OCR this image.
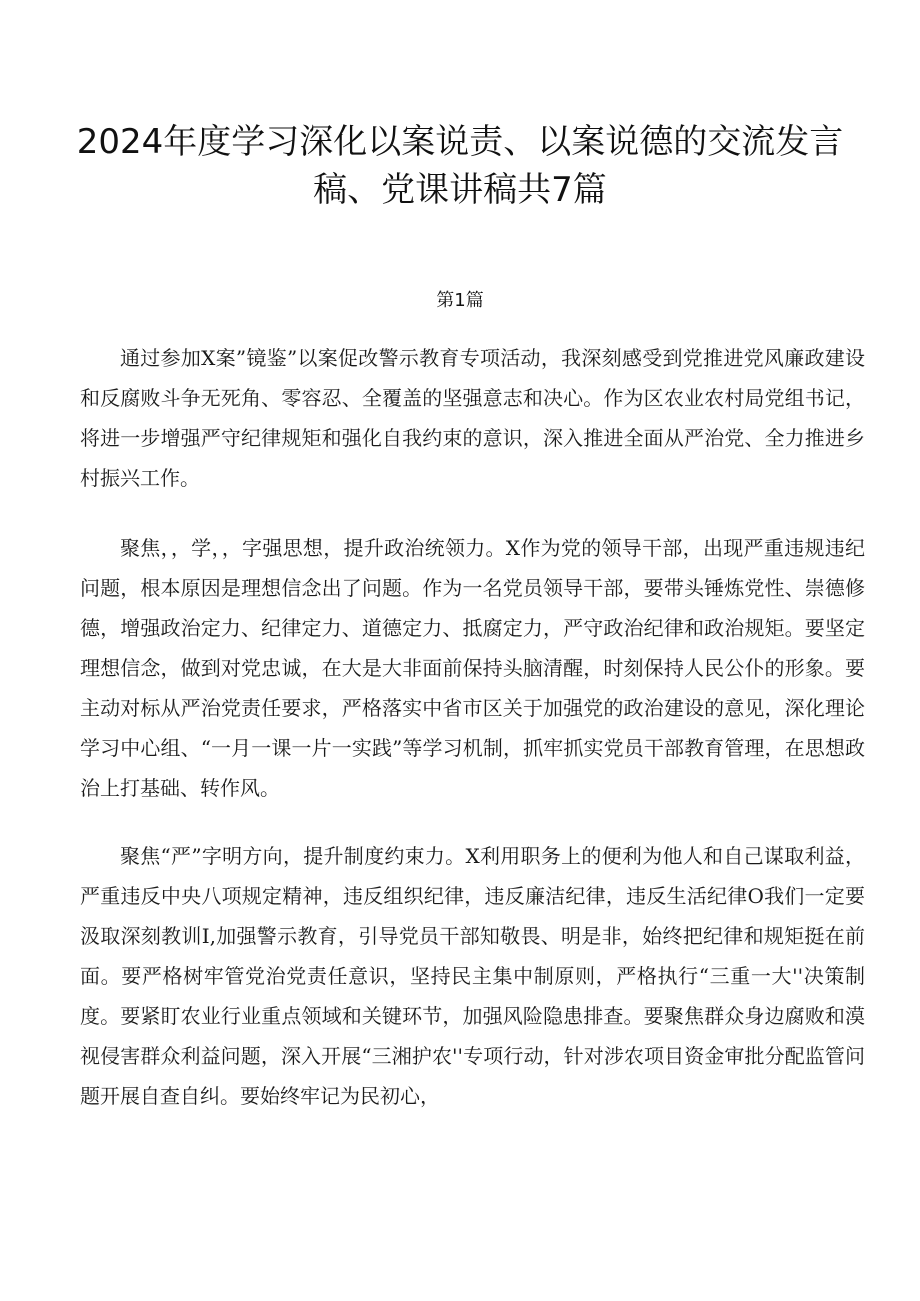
2024年度学习深化以案说责、以案说德的交流发言稿、党课讲稿共7篇
第1篇

通过参加X案”镜鉴”以案促改警示教育专项活动，我深刻感受到党推进党风廉政建设和反腐败斗争无死角、零容忍、全覆盖的坚强意志和决心。作为区农业农村局党组书记，将进一步增强严守纪律规矩和强化自我约束的意识，深入推进全面从严治党、全力推进乡村振兴工作。

聚焦，，学，，字强思想，提升政治统领力。X作为党的领导干部，出现严重违规违纪问题，根本原因是理想信念出了问题。作为一名党员领导干部，要带头锤炼党性、崇德修德，增强政治定力、纪律定力、道德定力、抵腐定力，严守政治纪律和政治规矩。要坚定理想信念，做到对党忠诚，在大是大非面前保持头脑清醒，时刻保持人民公仆的形象。要主动对标从严治党责任要求，严格落实中省市区关于加强党的政治建设的意见，深化理论学习中心组、“一月一课一片一实践”等学习机制，抓牢抓实党员干部教育管理，在思想政治上打基础、转作风。

聚焦“严”字明方向，提升制度约束力。X利用职务上的便利为他人和自己谋取利益，严重违反中央八项规定精神，违反组织纪律，违反廉洁纪律，违反生活纪律O我们一定要汲取深刻教训I,加强警示教育，引导党员干部知敬畏、明是非，始终把纪律和规矩挺在前面。要严格树牢管党治党责任意识，坚持民主集中制原则，严格执行“三重一大''决策制度。要紧盯农业行业重点领域和关键环节，加强风险隐患排查。要聚焦群众身边腐败和漠视侵害群众利益问题，深入开展“三湘护农''专项行动，针对涉农项目资金审批分配监管问题开展自查自纠。要始终牢记为民初心，
